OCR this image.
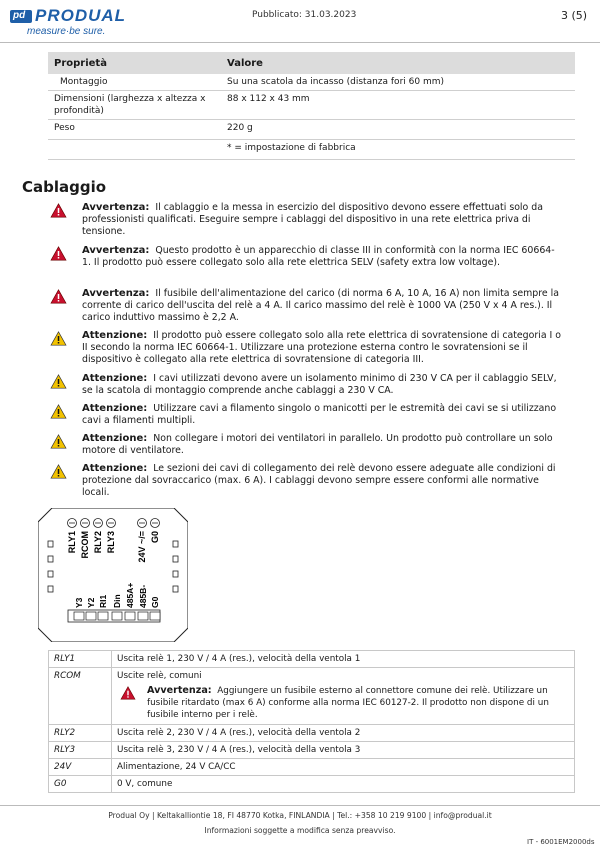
pd PRODUAL
measure·be sure.
Pubblicato: 31.03.2023	3 (5)
Proprietà	Valore
Montaggio	Su una scatola da incasso (distanza fori 60 mm)
Dimensioni (larghezza x altezza x profondità)	88 x 112 x 43 mm
Peso	220 g
	* = impostazione di fabbrica
Cablaggio
Avvertenza: Il cablaggio e la messa in esercizio del dispositivo devono essere effettuati solo da professionisti qualificati. Eseguire sempre i cablaggi del dispositivo in una rete elettrica priva di tensione.
Avvertenza: Questo prodotto è un apparecchio di classe III in conformità con la norma IEC 60664-1. Il prodotto può essere collegato solo alla rete elettrica SELV (safety extra low voltage).
Avvertenza: Il fusibile dell'alimentazione del carico (di norma 6 A, 10 A, 16 A) non limita sempre la corrente di carico dell'uscita del relè a 4 A. Il carico massimo del relè è 1000 VA (250 V x 4 A res.). Il carico induttivo massimo è 2,2 A.
Attenzione: Il prodotto può essere collegato solo alla rete elettrica di sovratensione di categoria I o II secondo la norma IEC 60664-1. Utilizzare una protezione esterna contro le sovratensioni se il dispositivo è collegato alla rete elettrica di sovratensione di categoria III.
Attenzione: I cavi utilizzati devono avere un isolamento minimo di 230 V CA per il cablaggio SELV, se la scatola di montaggio comprende anche cablaggi a 230 V CA.
Attenzione: Utilizzare cavi a filamento singolo o manicotti per le estremità dei cavi se si utilizzano cavi a filamenti multipli.
Attenzione: Non collegare i motori dei ventilatori in parallelo. Un prodotto può controllare un solo motore di ventilatore.
Attenzione: Le sezioni dei cavi di collegamento dei relè devono essere adeguate alle condizioni di protezione dal sovraccarico (max. 6 A). I cablaggi devono sempre essere conformi alle normative locali.
RLY1 RCOM RLY2 RLY3 24V ~/= G0
Y3 Y2 RI1 Din 485A+ 485B- G0
RLY1	Uscita relè 1, 230 V / 4 A (res.), velocità della ventola 1
RCOM	Uscite relè, comuni
Avvertenza: Aggiungere un fusibile esterno al connettore comune dei relè. Utilizzare un fusibile ritardato (max 6 A) conforme alla norma IEC 60127-2. Il prodotto non dispone di un fusibile interno per i relè.

RLY2	Uscita relè 2, 230 V / 4 A (res.), velocità della ventola 2
RLY3	Uscita relè 3, 230 V / 4 A (res.), velocità della ventola 3
24V	Alimentazione, 24 V CA/CC
G0	0 V, comune
Produal Oy | Keltakalliontie 18, FI 48770 Kotka, FINLANDIA | Tel.: +358 10 219 9100 | info@produal.it
Informazioni soggette a modifica senza preavviso.
IT - 6001EM2000ds
